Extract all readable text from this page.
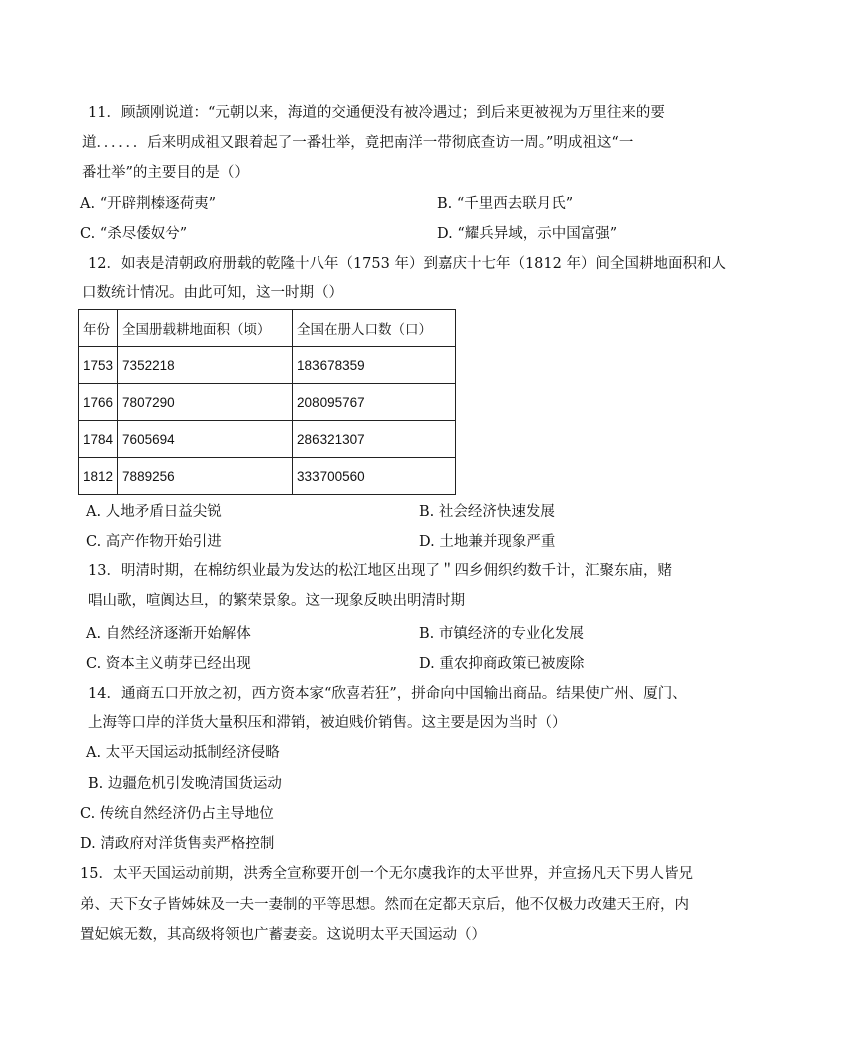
11．顾颉刚说道：“元朝以来，海道的交通便没有被冷遇过；到后来更被视为万里往来的要
道．．．．．．后来明成祖又跟着起了一番壮举，竟把南洋一带彻底查访一周。”明成祖这“一
番壮举”的主要目的是（）
A. “开辟荆榛逐荷夷”	B. “千里西去联月氏”
C. “杀尽倭奴兮”	D. “耀兵异域，示中国富强”
12．如表是清朝政府册载的乾隆十八年（1753 年）到嘉庆十七年（1812 年）间全国耕地面积和人
口数统计情况。由此可知，这一时期（）
年份	全国册载耕地面积（顷）	全国在册人口数（口）
1753	7352218	183678359
1766	7807290	208095767
1784	7605694	286321307
1812	7889256	333700560
A. 人地矛盾日益尖锐	B. 社会经济快速发展
C. 高产作物开始引进	D. 土地兼并现象严重
13．明清时期，在棉纺织业最为发达的松江地区出现了＂四乡佣织约数千计，汇聚东庙，赌
唱山歌，喧阗达旦，的繁荣景象。这一现象反映出明清时期
A. 自然经济逐渐开始解体	B. 市镇经济的专业化发展
C. 资本主义萌芽已经出现	D. 重农抑商政策已被废除
14．通商五口开放之初，西方资本家“欣喜若狂”，拼命向中国输出商品。结果使广州、厦门、
上海等口岸的洋货大量积压和滞销，被迫贱价销售。这主要是因为当时（）
A. 太平天国运动抵制经济侵略
B. 边疆危机引发晚清国货运动
C. 传统自然经济仍占主导地位
D. 清政府对洋货售卖严格控制
15．太平天国运动前期，洪秀全宣称要开创一个无尔虞我诈的太平世界，并宣扬凡天下男人皆兄
弟、天下女子皆姊妹及一夫一妻制的平等思想。然而在定都天京后，他不仅极力改建天王府，内
置妃嫔无数，其高级将领也广蓄妻妾。这说明太平天国运动（）
